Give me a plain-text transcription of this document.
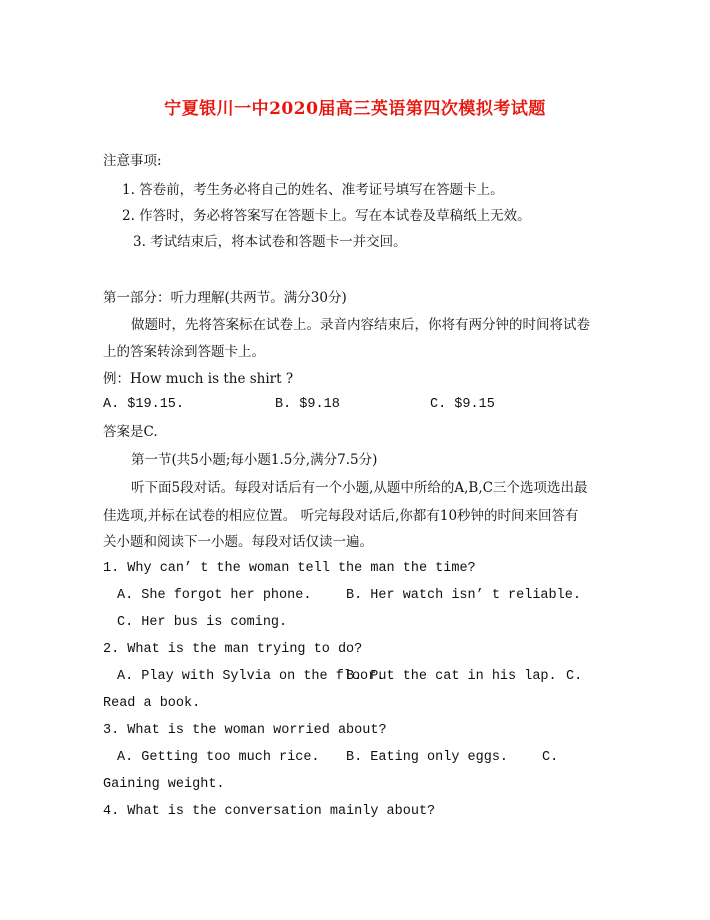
宁夏银川一中2020届高三英语第四次模拟考试题
注意事项:
1. 答卷前，考生务必将自己的姓名、准考证号填写在答题卡上。
2. 作答时，务必将答案写在答题卡上。写在本试卷及草稿纸上无效。
3. 考试结束后，将本试卷和答题卡一并交回。
第一部分：听力理解(共两节。满分30分)
做题时，先将答案标在试卷上。录音内容结束后，你将有两分钟的时间将试卷
上的答案转涂到答题卡上。
例：How much is the shirt ?
A. $19.15.	B. $9.18	C. $9.15
答案是C.
第一节(共5小题;每小题1.5分,满分7.5分)
听下面5段对话。每段对话后有一个小题,从题中所给的A,B,C三个选项选出最
佳选项,并标在试卷的相应位置。 听完每段对话后,你都有10秒钟的时间来回答有
关小题和阅读下一小题。每段对话仅读一遍。
1. Why can’ t the woman tell the man the time?
A. She forgot her phone.	B. Her watch isn’ t reliable.
C. Her bus is coming.
2. What is the man trying to do?
A. Play with Sylvia on the floor.
B. Put the cat in his lap. C.
Read a book.
3. What is the woman worried about?
A. Getting too much rice. B. Eating only eggs.	C.
Gaining weight.
4. What is the conversation mainly about?
